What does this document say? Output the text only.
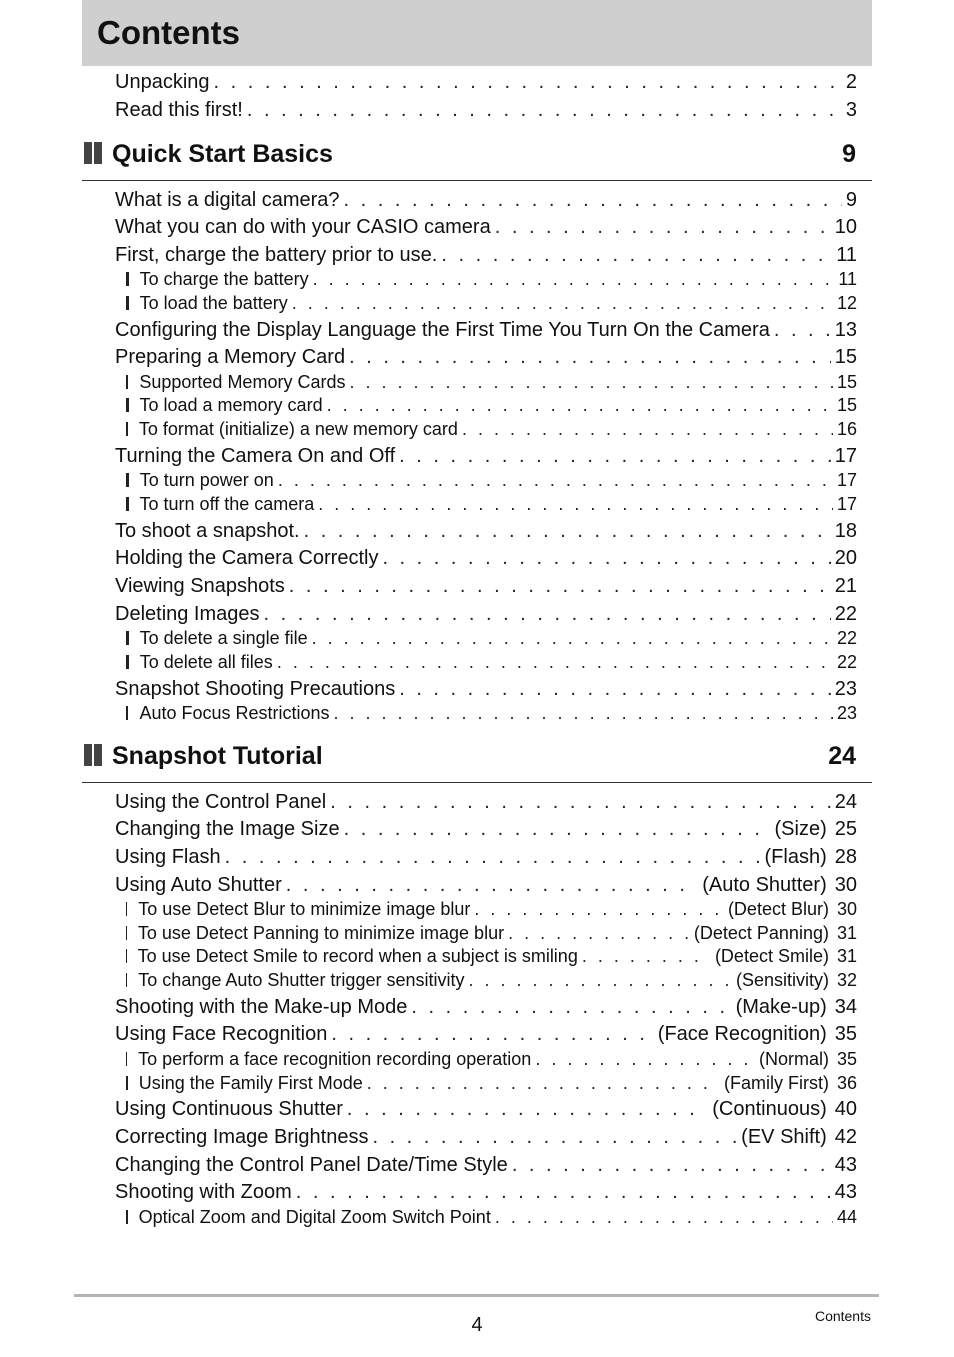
Contents
Unpacking . . .	2
Read this first! . . .	3
Quick Start Basics	9
What is a digital camera? . . .	9
What you can do with your CASIO camera . . .	10
First, charge the battery prior to use. . . .	11
To charge the battery . . .	11
To load the battery . . .	12
Configuring the Display Language the First Time You Turn On the Camera . . .	13
Preparing a Memory Card . . .	15
Supported Memory Cards . . .	15
To load a memory card . . .	15
To format (initialize) a new memory card . . .	16
Turning the Camera On and Off . . .	17
To turn power on . . .	17
To turn off the camera . . .	17
To shoot a snapshot. . . .	18
Holding the Camera Correctly . . .	20
Viewing Snapshots . . .	21
Deleting Images . . .	22
To delete a single file . . .	22
To delete all files . . .	22
Snapshot Shooting Precautions . . .	23
Auto Focus Restrictions . . .	23
Snapshot Tutorial	24
Using the Control Panel . . .	24
Changing the Image Size . . .	(Size) 25
Using Flash . . .	(Flash) 28
Using Auto Shutter . . .	(Auto Shutter) 30
To use Detect Blur to minimize image blur . . .	(Detect Blur) 30
To use Detect Panning to minimize image blur . . .	(Detect Panning) 31
To use Detect Smile to record when a subject is smiling . . .	(Detect Smile) 31
To change Auto Shutter trigger sensitivity . . .	(Sensitivity) 32
Shooting with the Make-up Mode . . .	(Make-up) 34
Using Face Recognition . . .	(Face Recognition) 35
To perform a face recognition recording operation . . .	(Normal) 35
Using the Family First Mode . . .	(Family First) 36
Using Continuous Shutter . . .	(Continuous) 40
Correcting Image Brightness . . .	(EV Shift) 42
Changing the Control Panel Date/Time Style . . .	43
Shooting with Zoom . . .	43
Optical Zoom and Digital Zoom Switch Point . . .	44
4	Contents
